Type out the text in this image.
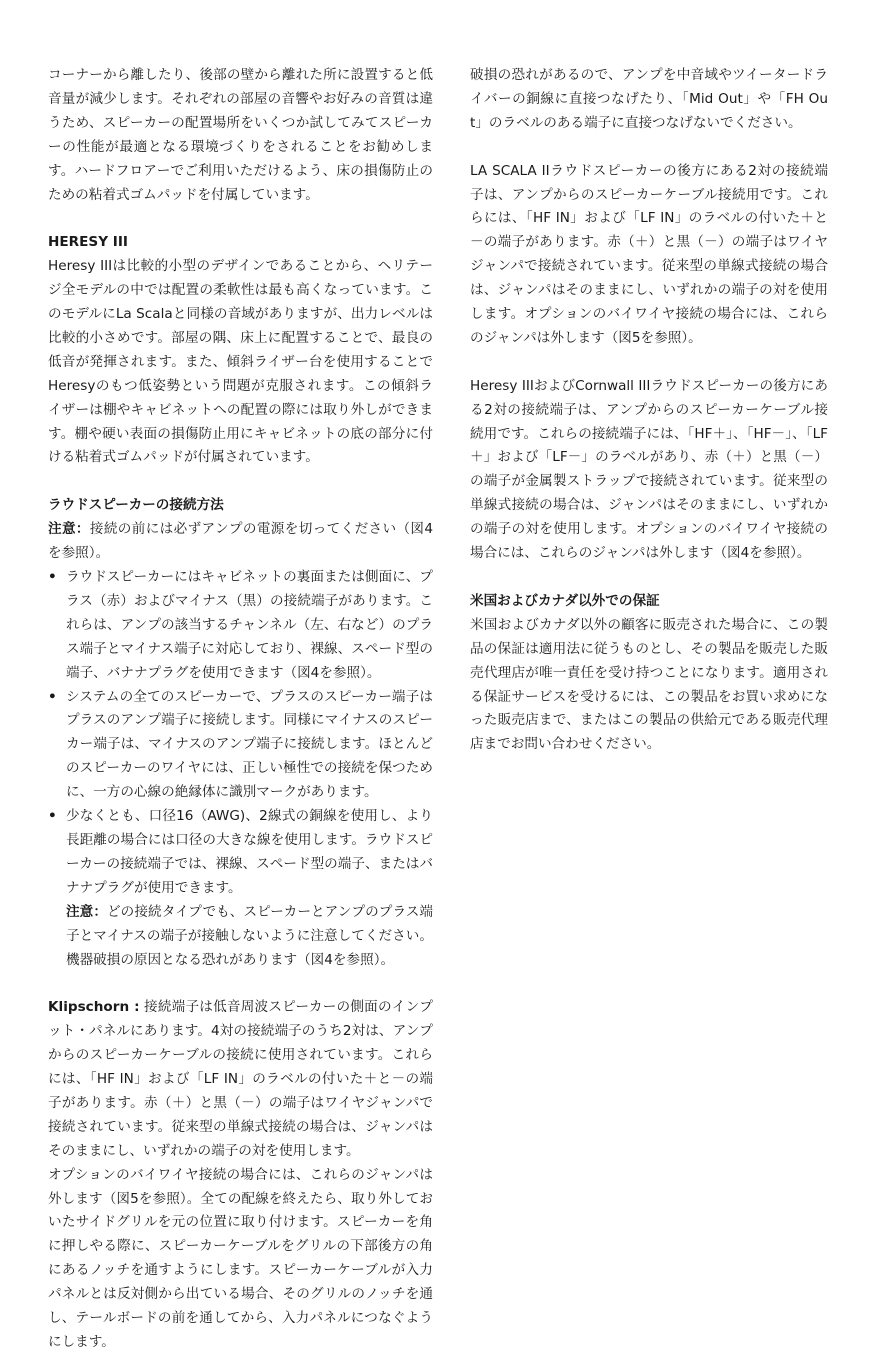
コーナーから離したり、後部の壁から離れた所に設置すると低音量が減少します。それぞれの部屋の音響やお好みの音質は違うため、スピーカーの配置場所をいくつか試してみてスピーカーの性能が最適となる環境づくりをされることをお勧めします。ハードフロアーでご利用いただけるよう、床の損傷防止のための粘着式ゴムパッドを付属しています。

HERESY III

Heresy IIIは比較的小型のデザインであることから、ヘリテージ全モデルの中では配置の柔軟性は最も高くなっています。このモデルにLa Scalaと同様の音域がありますが、出力レベルは比較的小さめです。部屋の隅、床上に配置することで、最良の低音が発揮されます。また、傾斜ライザー台を使用することでHeresyのもつ低姿勢という問題が克服されます。この傾斜ライザーは棚やキャビネットへの配置の際には取り外しができます。棚や硬い表面の損傷防止用にキャビネットの底の部分に付ける粘着式ゴムパッドが付属されています。

ラウドスピーカーの接続方法

注意：接続の前には必ずアンプの電源を切ってください（図4を参照）。

• ラウドスピーカーにはキャビネットの裏面または側面に、プラス（赤）およびマイナス（黒）の接続端子があります。これらは、アンプの該当するチャンネル（左、右など）のプラス端子とマイナス端子に対応しており、裸線、スペード型の端子、バナナプラグを使用できます（図4を参照）。
• システムの全てのスピーカーで、プラスのスピーカー端子はプラスのアンプ端子に接続します。同様にマイナスのスピーカー端子は、マイナスのアンプ端子に接続します。ほとんどのスピーカーのワイヤには、正しい極性での接続を保つために、一方の心線の絶縁体に識別マークがあります。
• 少なくとも、口径16（AWG)、2線式の銅線を使用し、より長距離の場合には口径の大きな線を使用します。ラウドスピーカーの接続端子では、裸線、スペード型の端子、またはバナナプラグが使用できます。

注意：どの接続タイプでも、スピーカーとアンプのプラス端子とマイナスの端子が接触しないように注意してください。機器破損の原因となる恐れがあります（図4を参照）。

Klipschorn : 接続端子は低音周波スピーカーの側面のインプット・パネルにあります。4対の接続端子のうち2対は、アンプからのスピーカーケーブルの接続に使用されています。これらには、「HF IN」および「LF IN」のラベルの付いた＋と－の端子があります。赤（＋）と黒（－）の端子はワイヤジャンパで接続されています。従来型の単線式接続の場合は、ジャンパはそのままにし、いずれかの端子の対を使用します。

オプションのバイワイヤ接続の場合には、これらのジャンパは外します（図5を参照）。全ての配線を終えたら、取り外しておいたサイドグリルを元の位置に取り付けます。スピーカーを角に押しやる際に、スピーカーケーブルをグリルの下部後方の角にあるノッチを通すようにします。スピーカーケーブルが入力パネルとは反対側から出ている場合、そのグリルのノッチを通し、テールボードの前を通してから、入力パネルにつなぐようにします。

破損の恐れがあるので、アンプを中音域やツイータードライバーの銅線に直接つなげたり、「Mid Out」や「FH Out」のラベルのある端子に直接つなげないでください。

LA SCALA IIラウドスピーカーの後方にある2対の接続端子は、アンプからのスピーカーケーブル接続用です。これらには、「HF IN」および「LF IN」のラベルの付いた＋と－の端子があります。赤（＋）と黒（－）の端子はワイヤジャンパで接続されています。従来型の単線式接続の場合は、ジャンパはそのままにし、いずれかの端子の対を使用します。オプションのバイワイヤ接続の場合には、これらのジャンパは外します（図5を参照）。

Heresy IIIおよびCornwall IIIラウドスピーカーの後方にある2対の接続端子は、アンプからのスピーカーケーブル接続用です。これらの接続端子には、「HF＋」、「HF－」、「LF＋」および「LF－」のラベルがあり、赤（＋）と黒（－）の端子が金属製ストラップで接続されています。従来型の単線式接続の場合は、ジャンパはそのままにし、いずれかの端子の対を使用します。オプションのバイワイヤ接続の場合には、これらのジャンパは外します（図4を参照）。

米国およびカナダ以外での保証

米国およびカナダ以外の顧客に販売された場合に、この製品の保証は適用法に従うものとし、その製品を販売した販売代理店が唯一責任を受け持つことになります。適用される保証サービスを受けるには、この製品をお買い求めになった販売店まで、またはこの製品の供給元である販売代理店までお問い合わせください。
